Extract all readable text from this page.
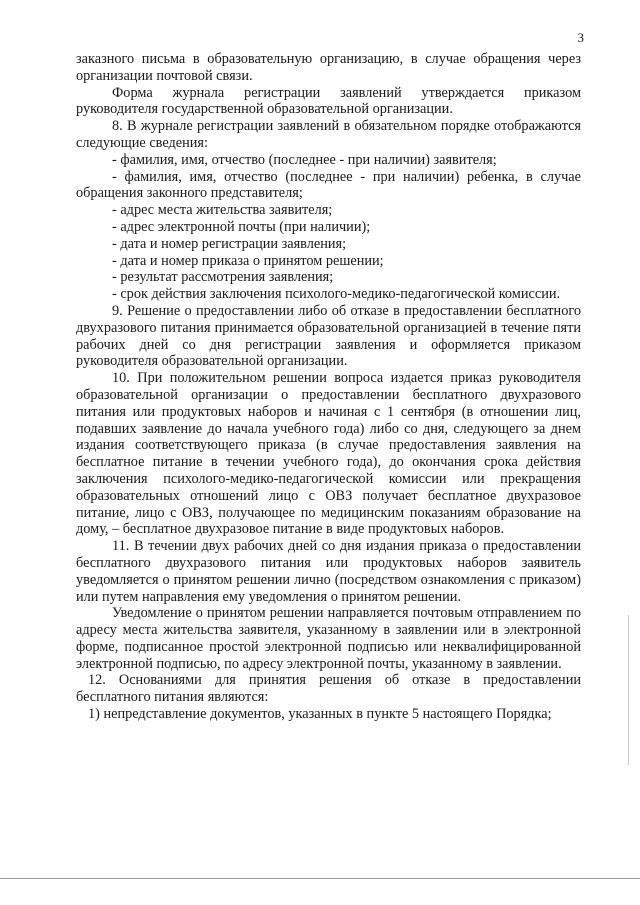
3

заказного письма в образовательную организацию, в случае обращения через организации почтовой связи.

Форма журнала регистрации заявлений утверждается приказом руководителя государственной образовательной организации.

8. В журнале регистрации заявлений в обязательном порядке отображаются следующие сведения:

- фамилия, имя, отчество (последнее - при наличии) заявителя;

- фамилия, имя, отчество (последнее - при наличии) ребенка, в случае обращения законного представителя;

- адрес места жительства заявителя;

- адрес электронной почты (при наличии);

- дата и номер регистрации заявления;

- дата и номер приказа о принятом решении;

- результат рассмотрения заявления;

- срок действия заключения психолого-медико-педагогической комиссии.

9. Решение о предоставлении либо об отказе в предоставлении бесплатного двухразового питания принимается образовательной организацией в течение пяти рабочих дней со дня регистрации заявления и оформляется приказом руководителя образовательной организации.

10. При положительном решении вопроса издается приказ руководителя образовательной организации о предоставлении бесплатного двухразового питания или продуктовых наборов и начиная с 1 сентября (в отношении лиц, подавших заявление до начала учебного года) либо со дня, следующего за днем издания соответствующего приказа (в случае предоставления заявления на бесплатное питание в течении учебного года), до окончания срока действия заключения психолого-медико-педагогической комиссии или прекращения образовательных отношений лицо с ОВЗ получает бесплатное двухразовое питание, лицо с ОВЗ, получающее по медицинским показаниям образование на дому, – бесплатное двухразовое питание в виде продуктовых наборов.

11. В течении двух рабочих дней со дня издания приказа о предоставлении бесплатного двухразового питания или продуктовых наборов заявитель уведомляется о принятом решении лично (посредством ознакомления с приказом) или путем направления ему уведомления о принятом решении.

Уведомление о принятом решении направляется почтовым отправлением по адресу места жительства заявителя, указанному в заявлении или в электронной форме, подписанное простой электронной подписью или неквалифицированной электронной подписью, по адресу электронной почты, указанному в заявлении.

12. Основаниями для принятия решения об отказе в предоставлении бесплатного питания являются:

1) непредставление документов, указанных в пункте 5 настоящего Порядка;
